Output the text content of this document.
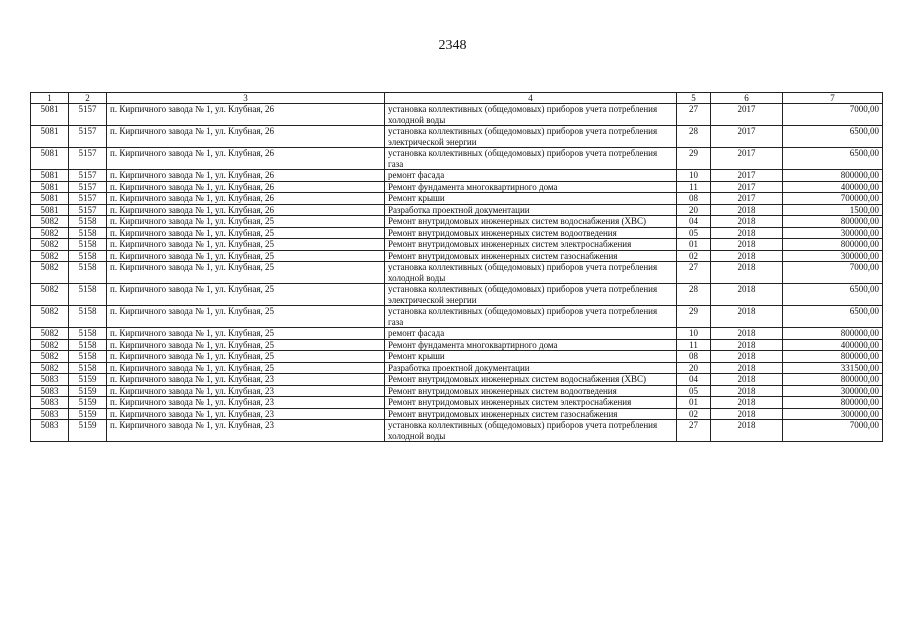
2348
1	2	3	4	5	6	7
5081	5157	п. Кирпичного завода № 1, ул. Клубная, 26	установка коллективных (общедомовых) приборов учета потребления холодной воды	27	2017	7000,00
5081	5157	п. Кирпичного завода № 1, ул. Клубная, 26	установка коллективных (общедомовых) приборов учета потребления электрической энергии	28	2017	6500,00
5081	5157	п. Кирпичного завода № 1, ул. Клубная, 26	установка коллективных (общедомовых) приборов учета потребления газа	29	2017	6500,00
5081	5157	п. Кирпичного завода № 1, ул. Клубная, 26	ремонт фасада	10	2017	800000,00
5081	5157	п. Кирпичного завода № 1, ул. Клубная, 26	Ремонт фундамента многоквартирного дома	11	2017	400000,00
5081	5157	п. Кирпичного завода № 1, ул. Клубная, 26	Ремонт крыши	08	2017	700000,00
5081	5157	п. Кирпичного завода № 1, ул. Клубная, 26	Разработка проектной документации	20	2018	1500,00
5082	5158	п. Кирпичного завода № 1, ул. Клубная, 25	Ремонт внутридомовых инженерных систем водоснабжения (ХВС)	04	2018	800000,00
5082	5158	п. Кирпичного завода № 1, ул. Клубная, 25	Ремонт внутридомовых инженерных систем водоотведения	05	2018	300000,00
5082	5158	п. Кирпичного завода № 1, ул. Клубная, 25	Ремонт внутридомовых инженерных систем электроснабжения	01	2018	800000,00
5082	5158	п. Кирпичного завода № 1, ул. Клубная, 25	Ремонт внутридомовых инженерных систем газоснабжения	02	2018	300000,00
5082	5158	п. Кирпичного завода № 1, ул. Клубная, 25	установка коллективных (общедомовых) приборов учета потребления холодной воды	27	2018	7000,00
5082	5158	п. Кирпичного завода № 1, ул. Клубная, 25	установка коллективных (общедомовых) приборов учета потребления электрической энергии	28	2018	6500,00
5082	5158	п. Кирпичного завода № 1, ул. Клубная, 25	установка коллективных (общедомовых) приборов учета потребления газа	29	2018	6500,00
5082	5158	п. Кирпичного завода № 1, ул. Клубная, 25	ремонт фасада	10	2018	800000,00
5082	5158	п. Кирпичного завода № 1, ул. Клубная, 25	Ремонт фундамента многоквартирного дома	11	2018	400000,00
5082	5158	п. Кирпичного завода № 1, ул. Клубная, 25	Ремонт крыши	08	2018	800000,00
5082	5158	п. Кирпичного завода № 1, ул. Клубная, 25	Разработка проектной документации	20	2018	331500,00
5083	5159	п. Кирпичного завода № 1, ул. Клубная, 23	Ремонт внутридомовых инженерных систем водоснабжения (ХВС)	04	2018	800000,00
5083	5159	п. Кирпичного завода № 1, ул. Клубная, 23	Ремонт внутридомовых инженерных систем водоотведения	05	2018	300000,00
5083	5159	п. Кирпичного завода № 1, ул. Клубная, 23	Ремонт внутридомовых инженерных систем электроснабжения	01	2018	800000,00
5083	5159	п. Кирпичного завода № 1, ул. Клубная, 23	Ремонт внутридомовых инженерных систем газоснабжения	02	2018	300000,00
5083	5159	п. Кирпичного завода № 1, ул. Клубная, 23	установка коллективных (общедомовых) приборов учета потребления холодной воды	27	2018	7000,00
